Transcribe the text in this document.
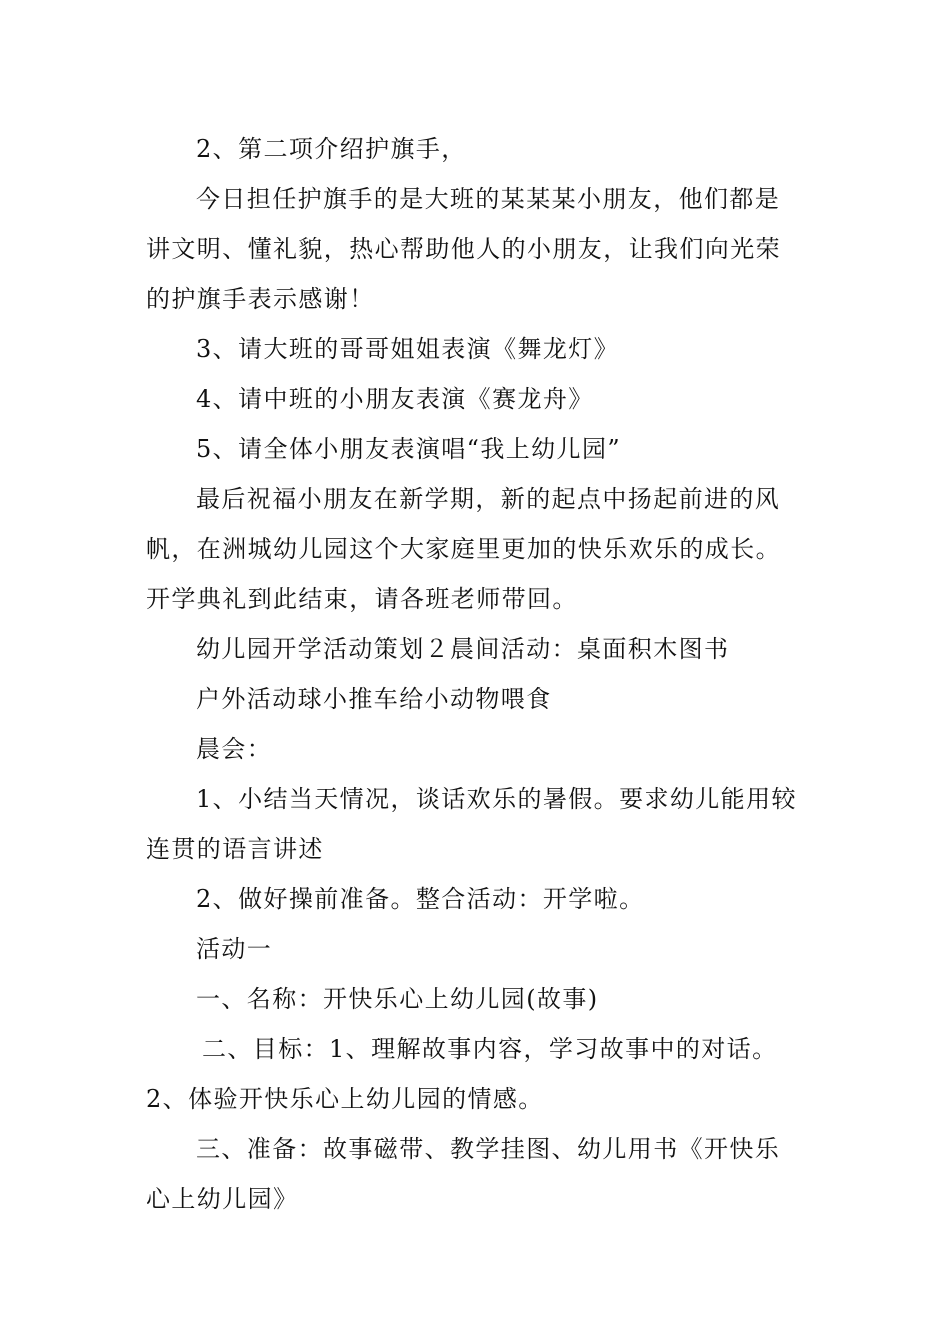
2、第二项介绍护旗手，
今日担任护旗手的是大班的某某某小朋友，他们都是
讲文明、懂礼貌，热心帮助他人的小朋友，让我们向光荣
的护旗手表示感谢！
3、请大班的哥哥姐姐表演《舞龙灯》
4、请中班的小朋友表演《赛龙舟》
5、请全体小朋友表演唱“我上幼儿园”
最后祝福小朋友在新学期，新的起点中扬起前进的风
帆，在洲城幼儿园这个大家庭里更加的快乐欢乐的成长。
开学典礼到此结束，请各班老师带回。
幼儿园开学活动策划２晨间活动：桌面积木图书
户外活动球小推车给小动物喂食
晨会：
1、小结当天情况，谈话欢乐的暑假。要求幼儿能用较
连贯的语言讲述
2、做好操前准备。整合活动：开学啦。
活动一
一、名称：开快乐心上幼儿园(故事)
二、目标：1、理解故事内容，学习故事中的对话。
2、体验开快乐心上幼儿园的情感。
三、准备：故事磁带、教学挂图、幼儿用书《开快乐
心上幼儿园》
